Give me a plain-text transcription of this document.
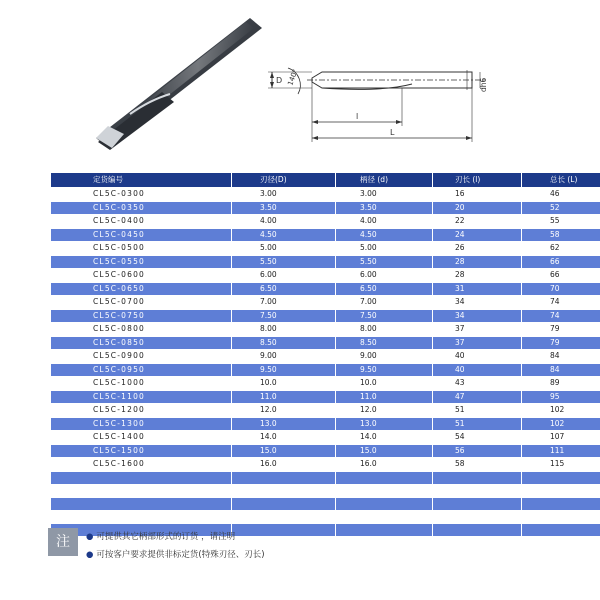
140°
D	dh6
l
L
定货编号	刃径(D)	柄径 (d)	刃长 (l)	总长 (L)	
CL5C-0300	3.00	3.00	16	46	
CL5C-0350	3.50	3.50	20	52	
CL5C-0400	4.00	4.00	22	55	
CL5C-0450	4.50	4.50	24	58	
CL5C-0500	5.00	5.00	26	62	
CL5C-0550	5.50	5.50	28	66	
CL5C-0600	6.00	6.00	28	66	
CL5C-0650	6.50	6.50	31	70	
CL5C-0700	7.00	7.00	34	74	
CL5C-0750	7.50	7.50	34	74	
CL5C-0800	8.00	8.00	37	79	
CL5C-0850	8.50	8.50	37	79	
CL5C-0900	9.00	9.00	40	84	
CL5C-0950	9.50	9.50	40	84	
CL5C-1000	10.0	10.0	43	89	
CL5C-1100	11.0	11.0	47	95	
CL5C-1200	12.0	12.0	51	102	
CL5C-1300	13.0	13.0	51	102	
CL5C-1400	14.0	14.0	54	107	
CL5C-1500	15.0	15.0	56	111	
CL5C-1600	16.0	16.0	58	115	

注	● 可提供其它柄部形式的订货 ，请注明
● 可按客户要求提供非标定货(特殊刃径、刃长)
